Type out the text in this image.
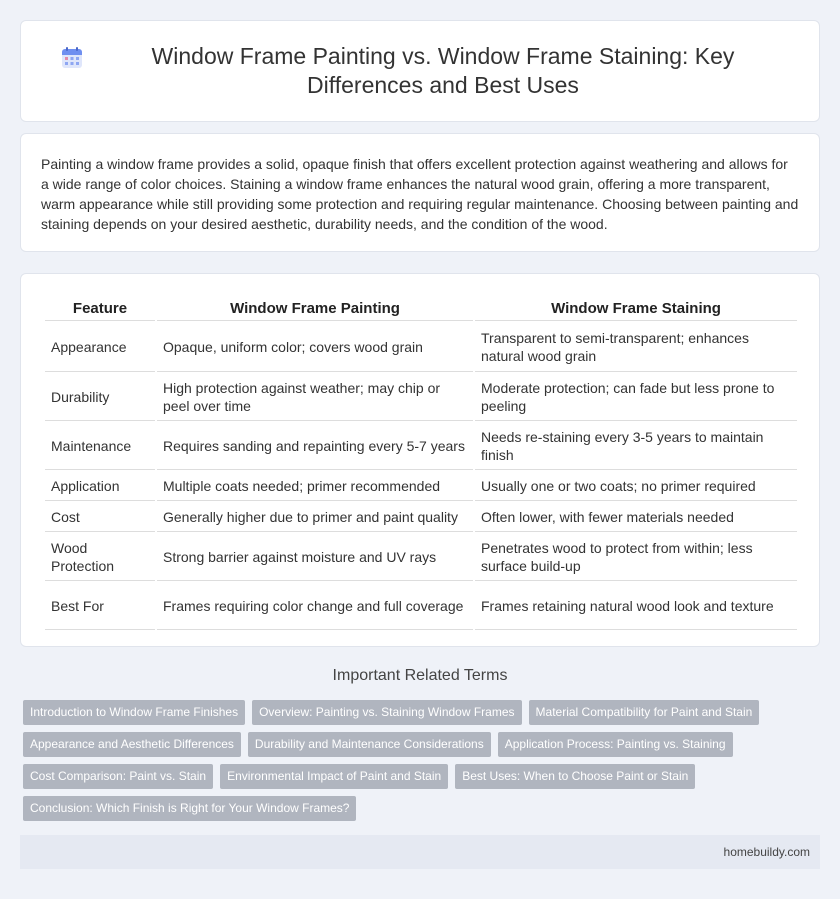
Window Frame Painting vs. Window Frame Staining: Key Differences and Best Uses

Painting a window frame provides a solid, opaque finish that offers excellent protection against weathering and allows for a wide range of color choices. Staining a window frame enhances the natural wood grain, offering a more transparent, warm appearance while still providing some protection and requiring regular maintenance. Choosing between painting and staining depends on your desired aesthetic, durability needs, and the condition of the wood.

Feature	Window Frame Painting	Window Frame Staining
Appearance	Opaque, uniform color; covers wood grain	Transparent to semi-transparent; enhances natural wood grain
Durability	High protection against weather; may chip or peel over time	Moderate protection; can fade but less prone to peeling
Maintenance	Requires sanding and repainting every 5-7 years	Needs re-staining every 3-5 years to maintain finish
Application	Multiple coats needed; primer recommended	Usually one or two coats; no primer required
Cost	Generally higher due to primer and paint quality	Often lower, with fewer materials needed
Wood Protection	Strong barrier against moisture and UV rays	Penetrates wood to protect from within; less surface build-up
Best For	Frames requiring color change and full coverage	Frames retaining natural wood look and texture
Important Related Terms
Introduction to Window Frame Finishes	Overview: Painting vs. Staining Window Frames	Material Compatibility for Paint and Stain
Appearance and Aesthetic Differences	Durability and Maintenance Considerations	Application Process: Painting vs. Staining
Cost Comparison: Paint vs. Stain	Environmental Impact of Paint and Stain	Best Uses: When to Choose Paint or Stain
Conclusion: Which Finish is Right for Your Window Frames?
homebuildy.com
